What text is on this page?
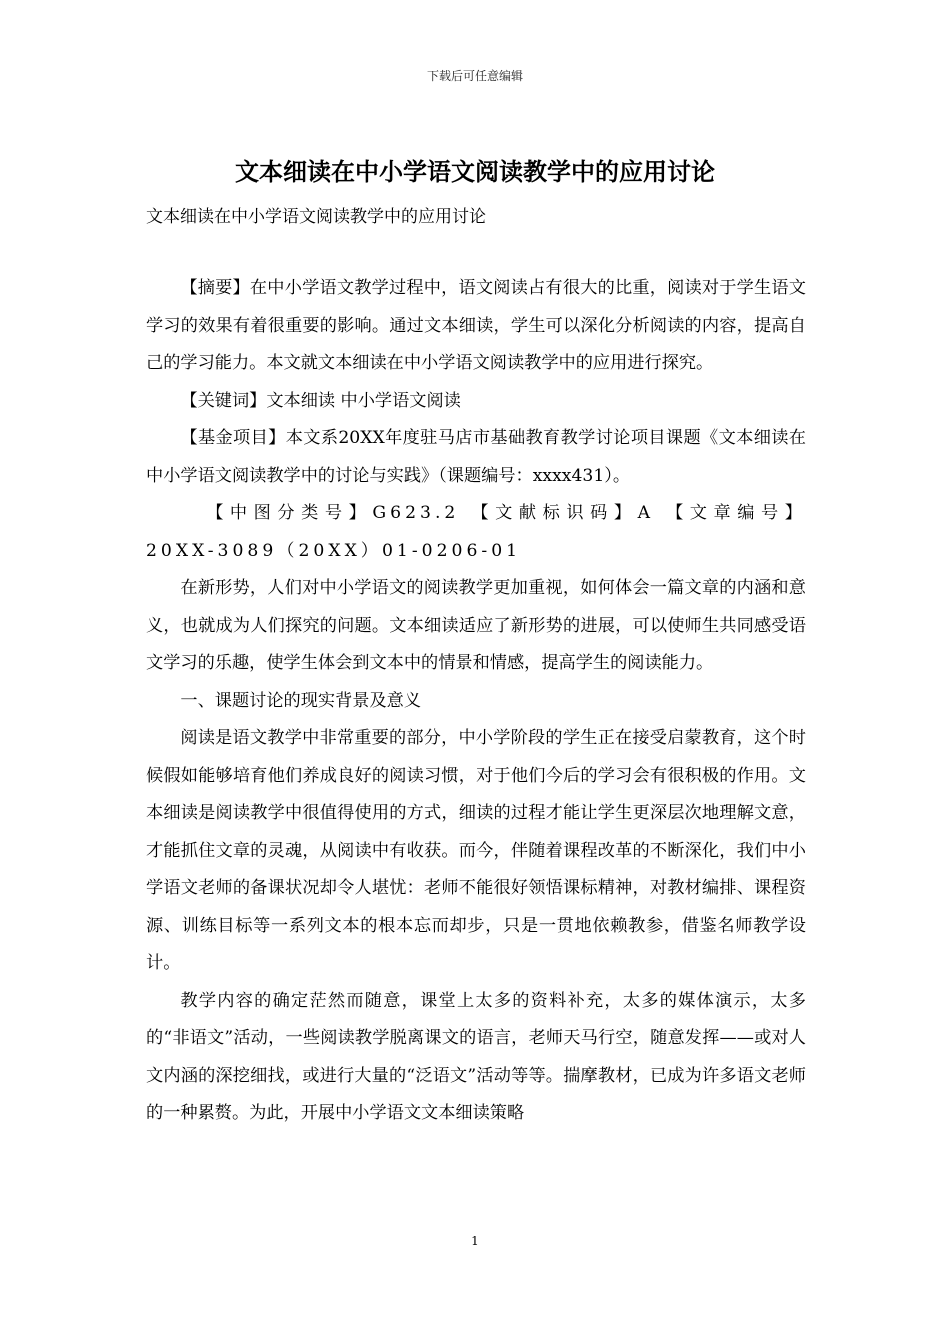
下载后可任意编辑
文本细读在中小学语文阅读教学中的应用讨论
文本细读在中小学语文阅读教学中的应用讨论

【摘要】在中小学语文教学过程中，语文阅读占有很大的比重，阅读对于学生语文学习的效果有着很重要的影响。通过文本细读，学生可以深化分析阅读的内容，提高自己的学习能力。本文就文本细读在中小学语文阅读教学中的应用进行探究。

【关键词】文本细读 中小学语文阅读

【基金项目】本文系20XX年度驻马店市基础教育教学讨论项目课题《文本细读在中小学语文阅读教学中的讨论与实践》（课题编号：xxxx431）。

【中图分类号】G623.2 【文献标识码】A 【文章编号】20XX-3089（20XX）01-0206-01

在新形势，人们对中小学语文的阅读教学更加重视，如何体会一篇文章的内涵和意义，也就成为人们探究的问题。文本细读适应了新形势的进展，可以使师生共同感受语文学习的乐趣，使学生体会到文本中的情景和情感，提高学生的阅读能力。

一、课题讨论的现实背景及意义

阅读是语文教学中非常重要的部分，中小学阶段的学生正在接受启蒙教育，这个时候假如能够培育他们养成良好的阅读习惯，对于他们今后的学习会有很积极的作用。文本细读是阅读教学中很值得使用的方式，细读的过程才能让学生更深层次地理解文意，才能抓住文章的灵魂，从阅读中有收获。而今，伴随着课程改革的不断深化，我们中小学语文老师的备课状况却令人堪忧：老师不能很好领悟课标精神，对教材编排、课程资源、训练目标等一系列文本的根本忘而却步，只是一贯地依赖教参，借鉴名师教学设计。

教学内容的确定茫然而随意，课堂上太多的资料补充，太多的媒体演示，太多的“非语文”活动，一些阅读教学脱离课文的语言，老师天马行空，随意发挥——或对人文内涵的深挖细找，或进行大量的“泛语文”活动等等。揣摩教材，已成为许多语文老师的一种累赘。为此，开展中小学语文文本细读策略

1
